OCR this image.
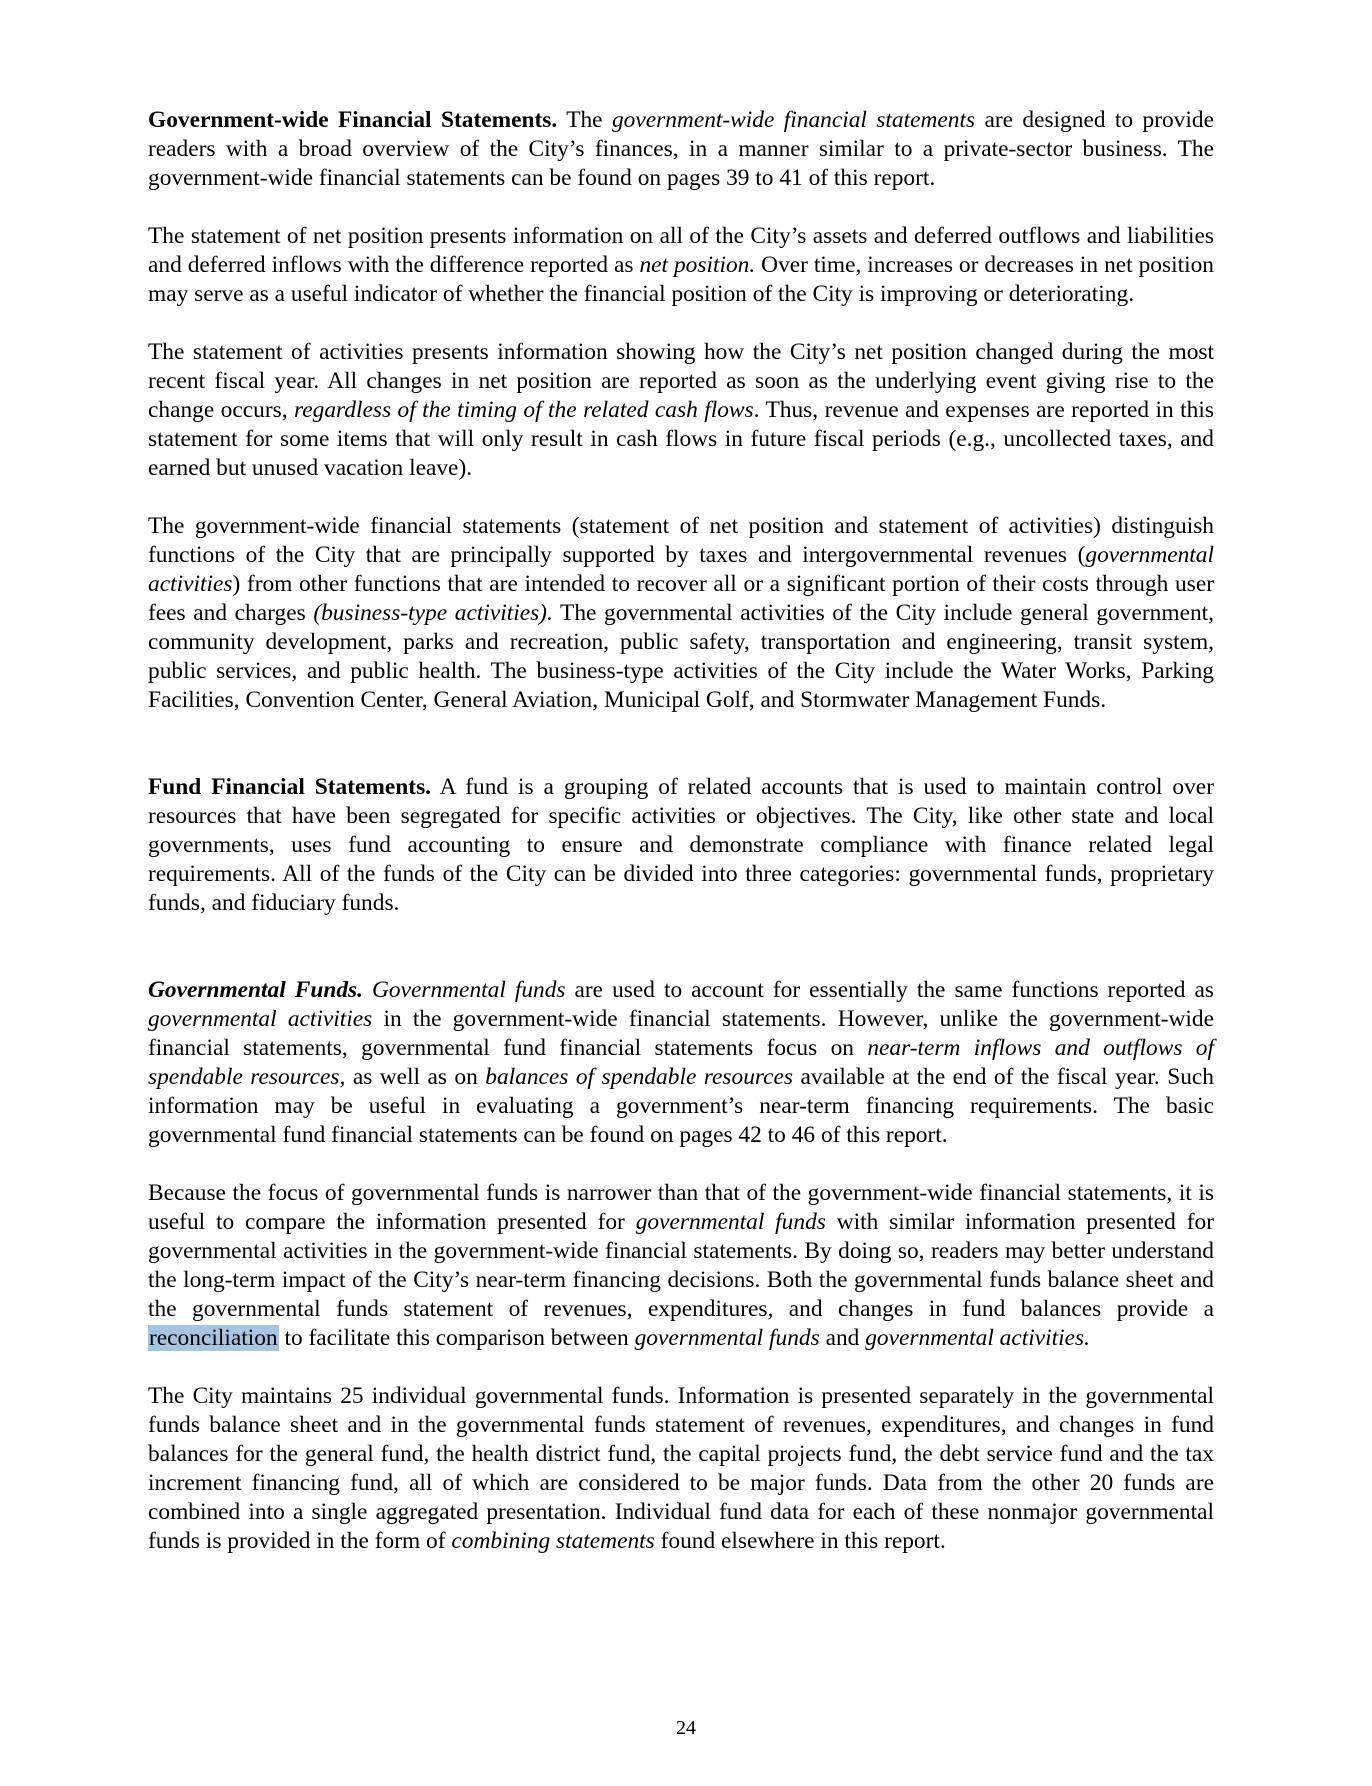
Government-wide Financial Statements. The government-wide financial statements are designed to provide readers with a broad overview of the City’s finances, in a manner similar to a private-sector business. The government-wide financial statements can be found on pages 39 to 41 of this report.

The statement of net position presents information on all of the City’s assets and deferred outflows and liabilities and deferred inflows with the difference reported as net position. Over time, increases or decreases in net position may serve as a useful indicator of whether the financial position of the City is improving or deteriorating.

The statement of activities presents information showing how the City’s net position changed during the most recent fiscal year. All changes in net position are reported as soon as the underlying event giving rise to the change occurs, regardless of the timing of the related cash flows. Thus, revenue and expenses are reported in this statement for some items that will only result in cash flows in future fiscal periods (e.g., uncollected taxes, and earned but unused vacation leave).

The government-wide financial statements (statement of net position and statement of activities) distinguish functions of the City that are principally supported by taxes and intergovernmental revenues (governmental activities) from other functions that are intended to recover all or a significant portion of their costs through user fees and charges (business-type activities). The governmental activities of the City include general government, community development, parks and recreation, public safety, transportation and engineering, transit system, public services, and public health. The business-type activities of the City include the Water Works, Parking Facilities, Convention Center, General Aviation, Municipal Golf, and Stormwater Management Funds.

Fund Financial Statements. A fund is a grouping of related accounts that is used to maintain control over resources that have been segregated for specific activities or objectives. The City, like other state and local governments, uses fund accounting to ensure and demonstrate compliance with finance related legal requirements. All of the funds of the City can be divided into three categories: governmental funds, proprietary funds, and fiduciary funds.

Governmental Funds. Governmental funds are used to account for essentially the same functions reported as governmental activities in the government-wide financial statements. However, unlike the government-wide financial statements, governmental fund financial statements focus on near-term inflows and outflows of spendable resources, as well as on balances of spendable resources available at the end of the fiscal year. Such information may be useful in evaluating a government’s near-term financing requirements. The basic governmental fund financial statements can be found on pages 42 to 46 of this report.

Because the focus of governmental funds is narrower than that of the government-wide financial statements, it is useful to compare the information presented for governmental funds with similar information presented for governmental activities in the government-wide financial statements. By doing so, readers may better understand the long-term impact of the City’s near-term financing decisions. Both the governmental funds balance sheet and the governmental funds statement of revenues, expenditures, and changes in fund balances provide a reconciliation to facilitate this comparison between governmental funds and governmental activities.

The City maintains 25 individual governmental funds. Information is presented separately in the governmental funds balance sheet and in the governmental funds statement of revenues, expenditures, and changes in fund balances for the general fund, the health district fund, the capital projects fund, the debt service fund and the tax increment financing fund, all of which are considered to be major funds. Data from the other 20 funds are combined into a single aggregated presentation. Individual fund data for each of these nonmajor governmental funds is provided in the form of combining statements found elsewhere in this report.

24
